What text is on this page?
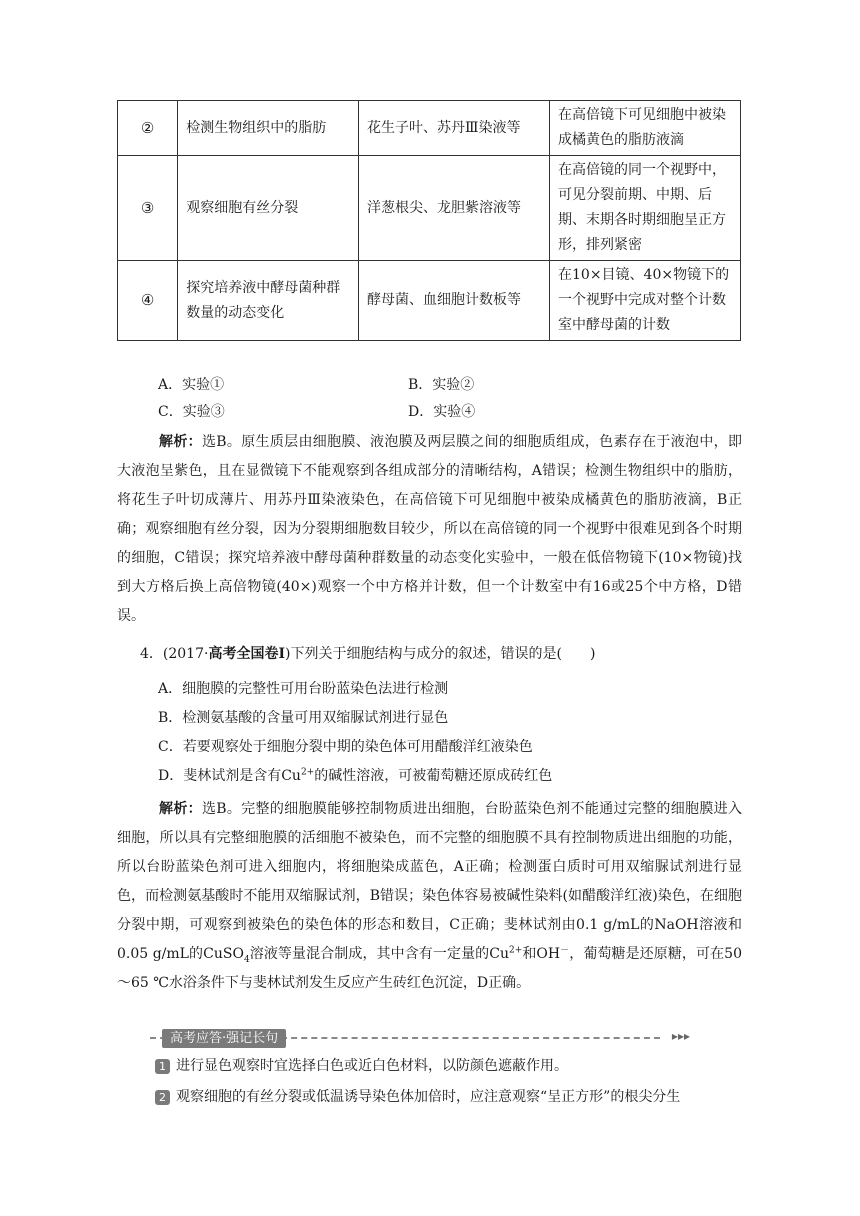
②	检测生物组织中的脂肪	花生子叶、苏丹Ⅲ染液等	在高倍镜下可见细胞中被染成橘黄色的脂肪液滴
③	观察细胞有丝分裂	洋葱根尖、龙胆紫溶液等	在高倍镜的同一个视野中，可见分裂前期、中期、后期、末期各时期细胞呈正方形，排列紧密
④	探究培养液中酵母菌种群数量的动态变化	酵母菌、血细胞计数板等	在10×目镜、40×物镜下的一个视野中完成对整个计数室中酵母菌的计数
A．实验①	B．实验②
C．实验③	D．实验④
解析：选B。原生质层由细胞膜、液泡膜及两层膜之间的细胞质组成，色素存在于液泡中，即大液泡呈紫色，且在显微镜下不能观察到各组成部分的清晰结构，A错误；检测生物组织中的脂肪，将花生子叶切成薄片、用苏丹Ⅲ染液染色，在高倍镜下可见细胞中被染成橘黄色的脂肪液滴，B正确；观察细胞有丝分裂，因为分裂期细胞数目较少，所以在高倍镜的同一个视野中很难见到各个时期的细胞，C错误；探究培养液中酵母菌种群数量的动态变化实验中，一般在低倍物镜下(10×物镜)找到大方格后换上高倍物镜(40×)观察一个中方格并计数，但一个计数室中有16或25个中方格，D错误。
4．(2017·高考全国卷Ⅰ)下列关于细胞结构与成分的叙述，错误的是(　　)
A．细胞膜的完整性可用台盼蓝染色法进行检测
B．检测氨基酸的含量可用双缩脲试剂进行显色
C．若要观察处于细胞分裂中期的染色体可用醋酸洋红液染色
D．斐林试剂是含有$Cu^{2+}$的碱性溶液，可被葡萄糖还原成砖红色
解析：选B。完整的细胞膜能够控制物质进出细胞，台盼蓝染色剂不能通过完整的细胞膜进入细胞，所以具有完整细胞膜的活细胞不被染色，而不完整的细胞膜不具有控制物质进出细胞的功能，所以台盼蓝染色剂可进入细胞内，将细胞染成蓝色，A正确；检测蛋白质时可用双缩脲试剂进行显色，而检测氨基酸时不能用双缩脲试剂，B错误；染色体容易被碱性染料(如醋酸洋红液)染色，在细胞分裂中期，可观察到被染色的染色体的形态和数目，C正确；斐林试剂由0.1 g/mL的NaOH溶液和0.05 g/mL的CuSO$_4$溶液等量混合制成，其中含有一定量的$Cu^{2+}$和OH－，葡萄糖是还原糖，可在50～65 ℃水浴条件下与斐林试剂发生反应产生砖红色沉淀，D正确。
高考应答·强记长句	▸▸▸
1 进行显色观察时宜选择白色或近白色材料，以防颜色遮蔽作用。
2 观察细胞的有丝分裂或低温诱导染色体加倍时，应注意观察“呈正方形”的根尖分生
